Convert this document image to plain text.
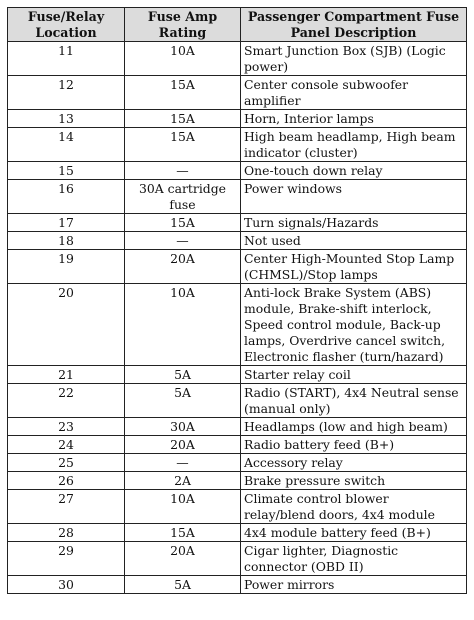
Fuse/Relay Location	Fuse Amp Rating	Passenger Compartment Fuse Panel Description
11	10A	Smart Junction Box (SJB) (Logic power)
12	15A	Center console subwoofer amplifier
13	15A	Horn, Interior lamps
14	15A	High beam headlamp, High beam indicator (cluster)
15	—	One-touch down relay
16	30A cartridge fuse	Power windows
17	15A	Turn signals/Hazards
18	—	Not used
19	20A	Center High-Mounted Stop Lamp (CHMSL)/Stop lamps
20	10A	Anti-lock Brake System (ABS) module, Brake-shift interlock, Speed control module, Back-up lamps, Overdrive cancel switch, Electronic flasher (turn/hazard)
21	5A	Starter relay coil
22	5A	Radio (START), 4x4 Neutral sense (manual only)
23	30A	Headlamps (low and high beam)
24	20A	Radio battery feed (B+)
25	—	Accessory relay
26	2A	Brake pressure switch
27	10A	Climate control blower relay/blend doors, 4x4 module
28	15A	4x4 module battery feed (B+)
29	20A	Cigar lighter, Diagnostic connector (OBD II)
30	5A	Power mirrors
